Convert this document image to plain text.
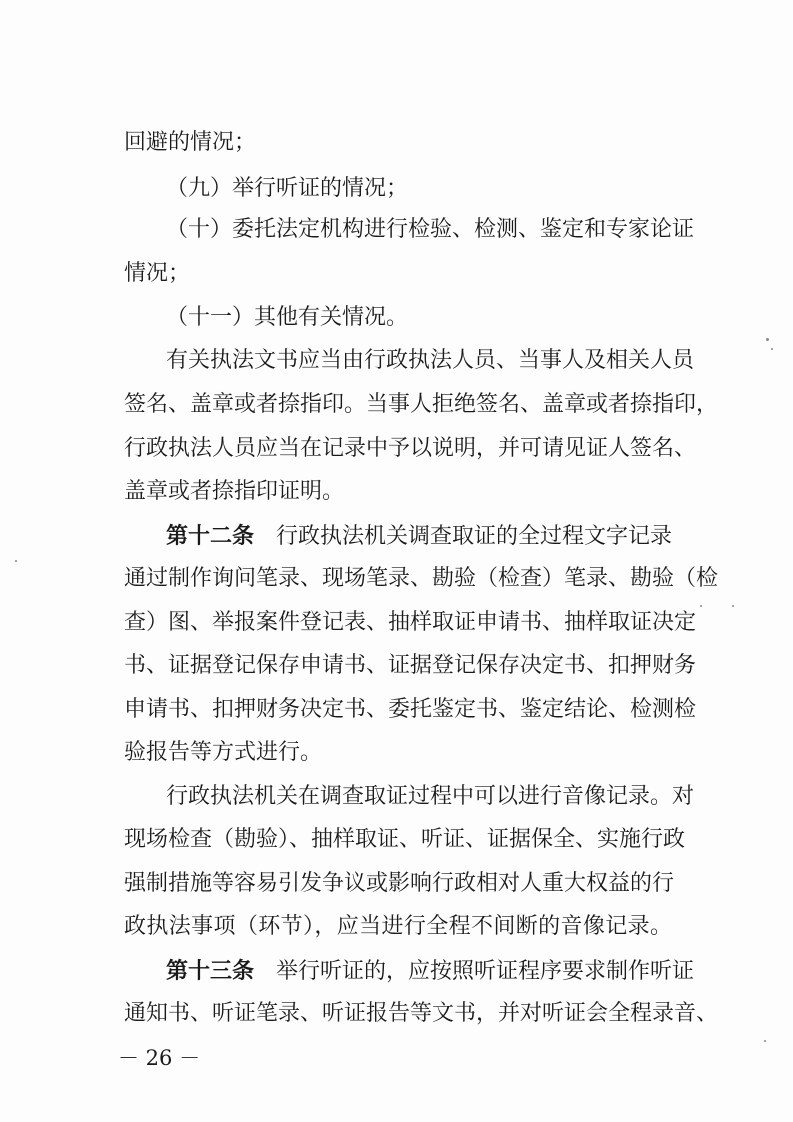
回避的情况；
（九）举行听证的情况；
（十）委托法定机构进行检验、检测、鉴定和专家论证
情况；
（十一）其他有关情况。
有关执法文书应当由行政执法人员、当事人及相关人员
签名、盖章或者捺指印。当事人拒绝签名、盖章或者捺指印，
行政执法人员应当在记录中予以说明，并可请见证人签名、
盖章或者捺指印证明。
第十二条　行政执法机关调查取证的全过程文字记录
通过制作询问笔录、现场笔录、勘验（检查）笔录、勘验（检
查）图、举报案件登记表、抽样取证申请书、抽样取证决定
书、证据登记保存申请书、证据登记保存决定书、扣押财务
申请书、扣押财务决定书、委托鉴定书、鉴定结论、检测检
验报告等方式进行。
行政执法机关在调查取证过程中可以进行音像记录。对
现场检查（勘验）、抽样取证、听证、证据保全、实施行政
强制措施等容易引发争议或影响行政相对人重大权益的行
政执法事项（环节），应当进行全程不间断的音像记录。
第十三条　举行听证的，应按照听证程序要求制作听证
通知书、听证笔录、听证报告等文书，并对听证会全程录音、
－ 26 －
